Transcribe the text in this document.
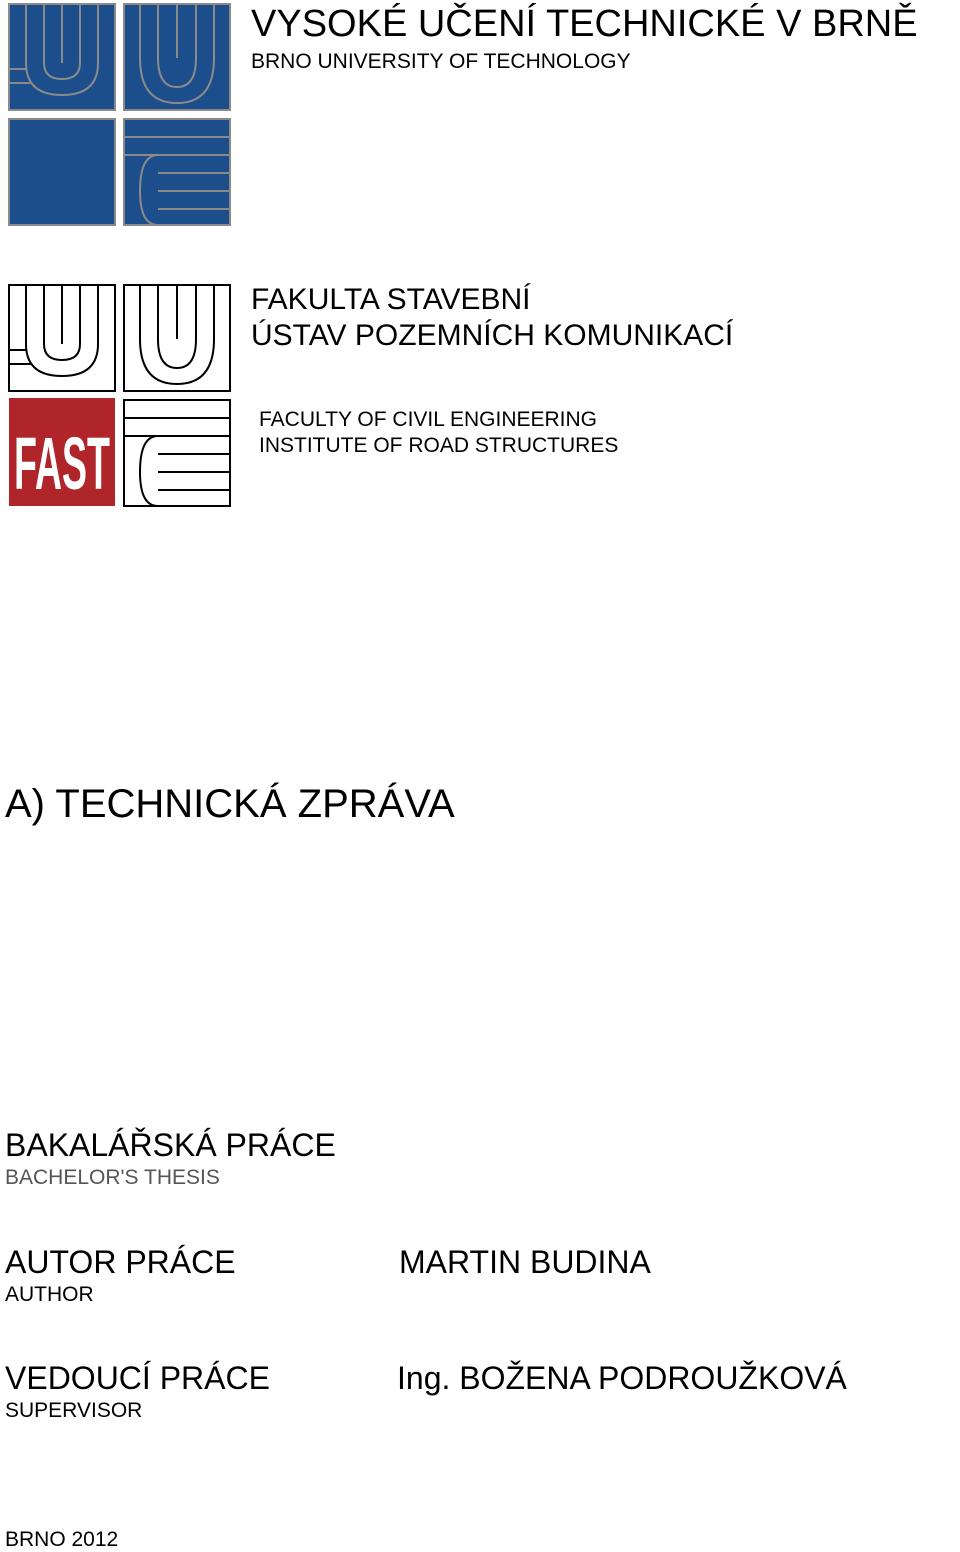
VYSOKÉ UČENÍ TECHNICKÉ V BRNĚ
BRNO UNIVERSITY OF TECHNOLOGY
FAST
FAKULTA STAVEBNÍ
ÚSTAV POZEMNÍCH KOMUNIKACÍ
FACULTY OF CIVIL ENGINEERING
INSTITUTE OF ROAD STRUCTURES
A) TECHNICKÁ ZPRÁVA
BAKALÁŘSKÁ PRÁCE
BACHELOR'S THESIS
AUTOR PRÁCE
AUTHOR
MARTIN BUDINA
VEDOUCÍ PRÁCE
SUPERVISOR
Ing. BOŽENA PODROUŽKOVÁ
BRNO 2012
